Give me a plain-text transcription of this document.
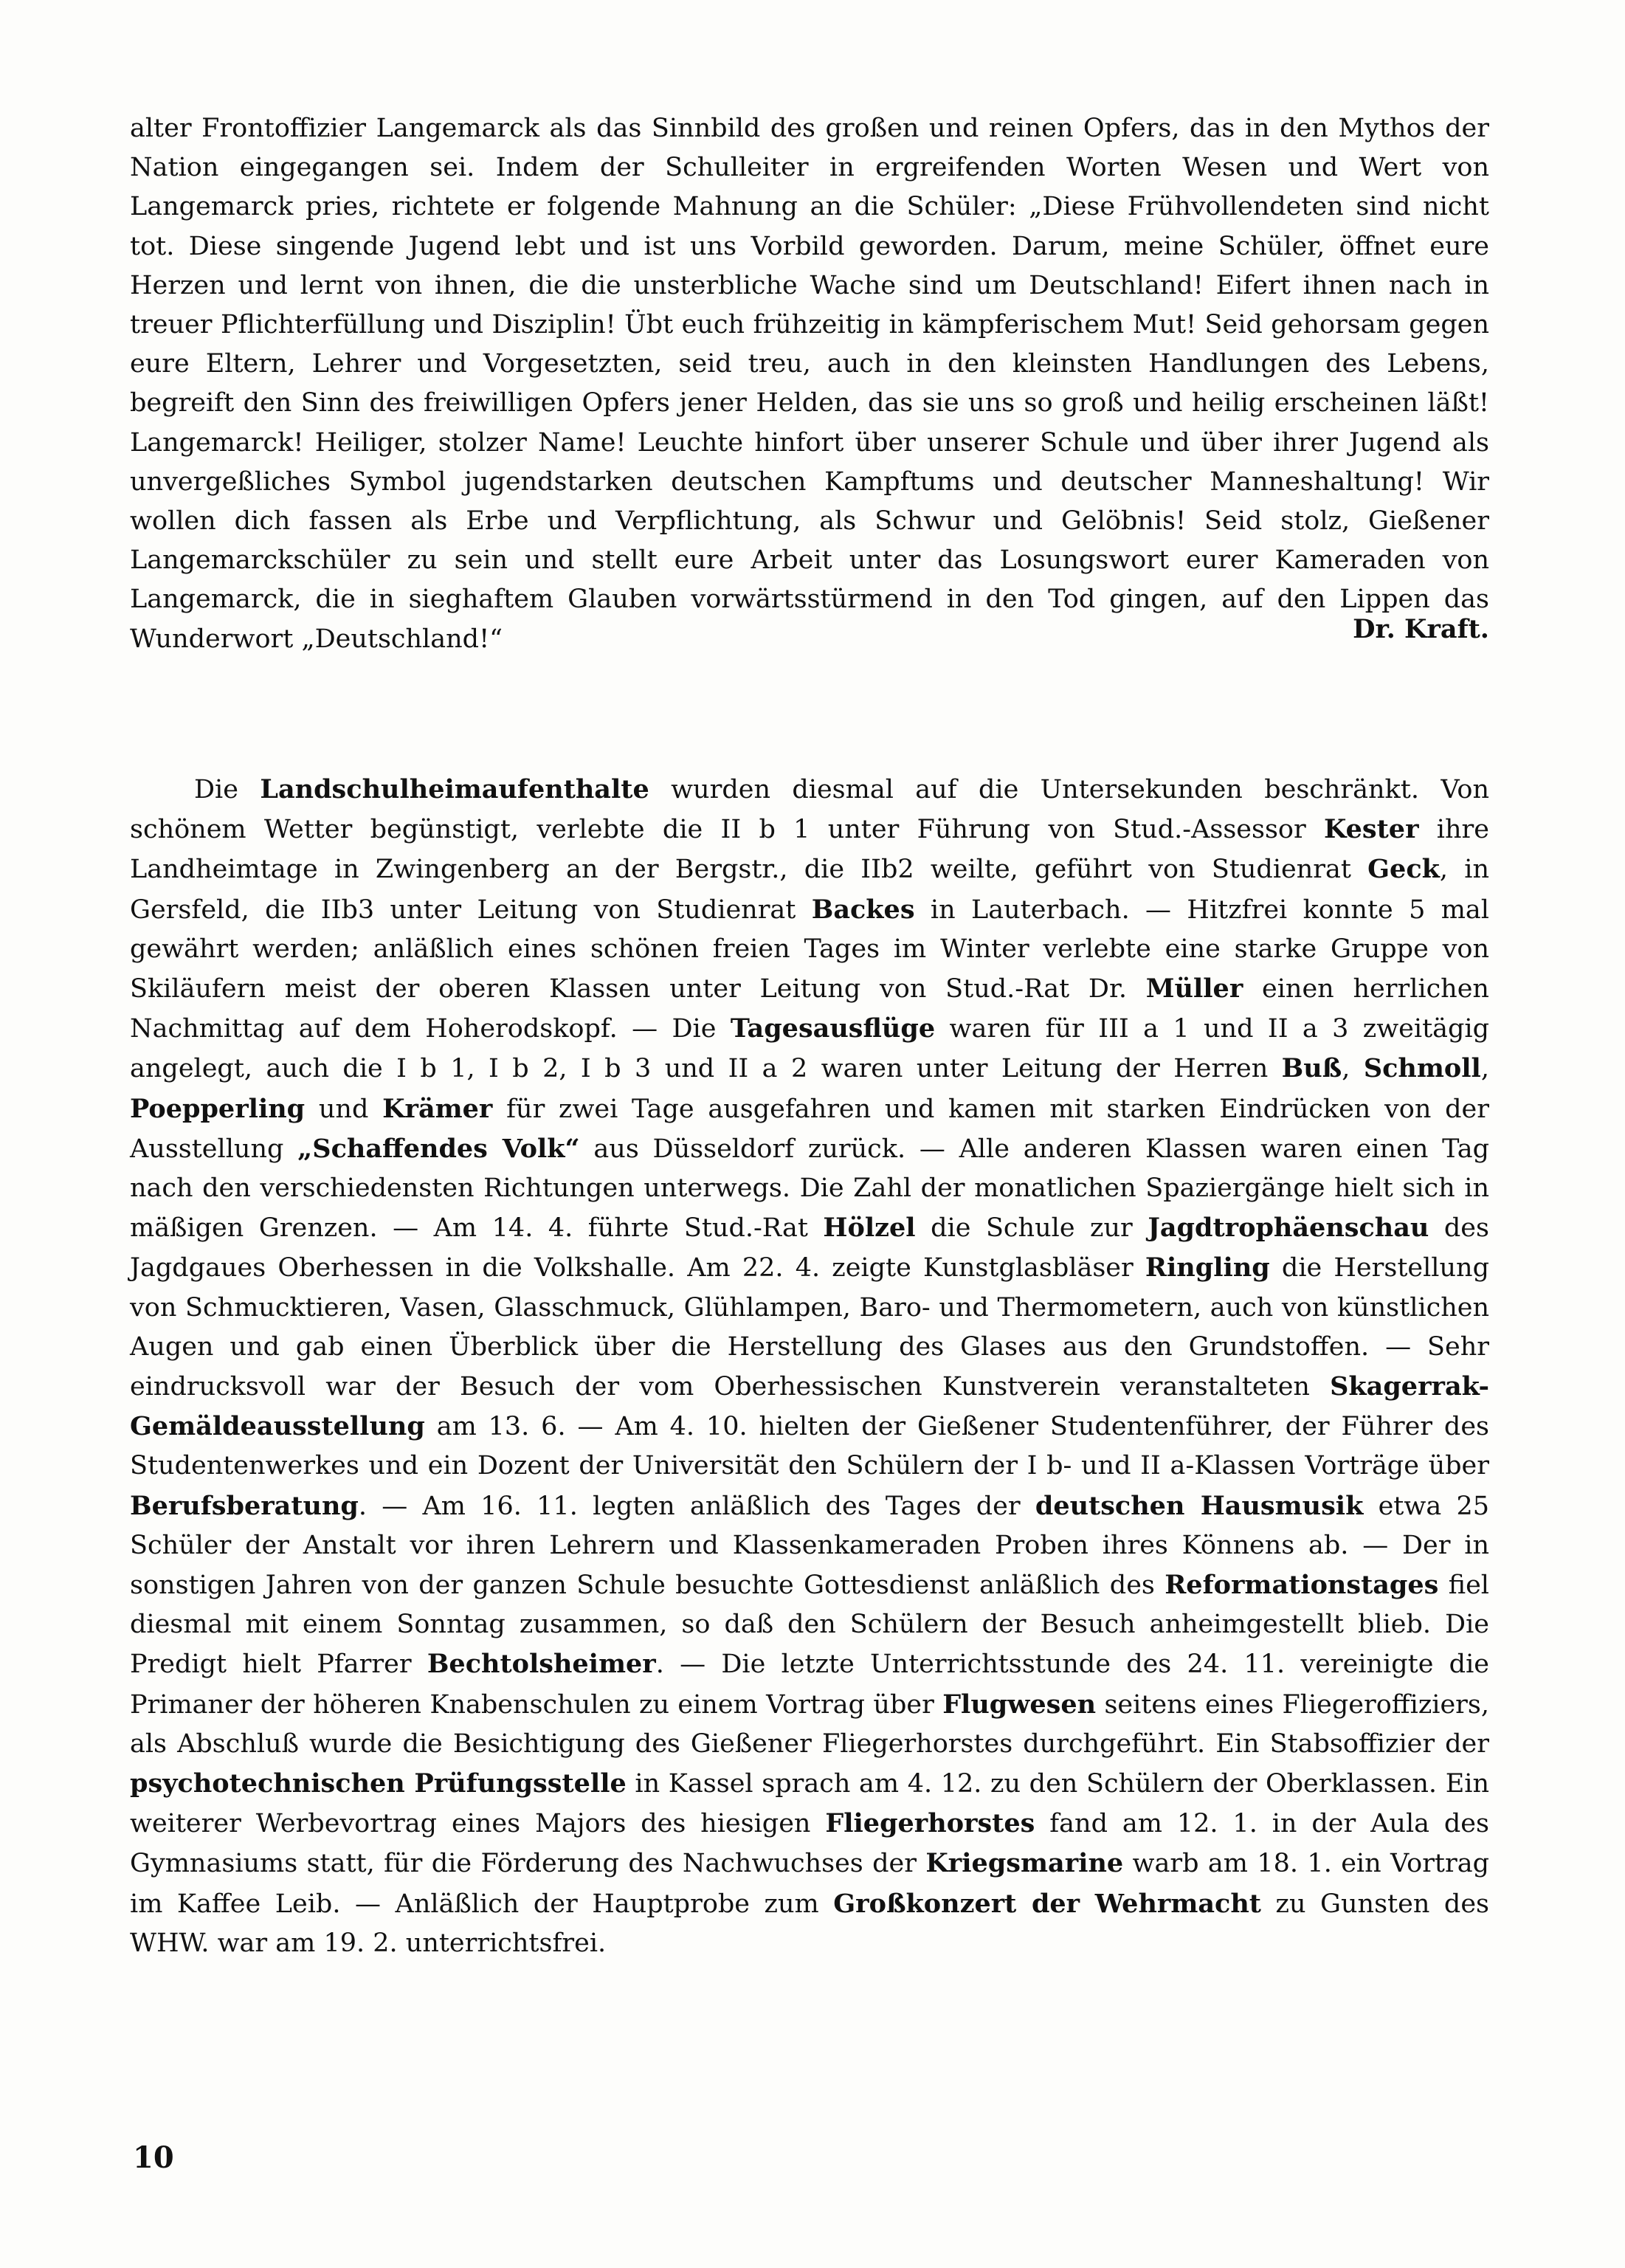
alter Frontoffizier Langemarck als das Sinnbild des großen und reinen Opfers, das in den Mythos der Nation eingegangen sei. Indem der Schulleiter in ergreifenden Worten Wesen und Wert von Langemarck pries, richtete er folgende Mahnung an die Schüler: „Diese Frühvollendeten sind nicht tot. Diese singende Jugend lebt und ist uns Vorbild geworden. Darum, meine Schüler, öffnet eure Herzen und lernt von ihnen, die die unsterbliche Wache sind um Deutschland! Eifert ihnen nach in treuer Pflichterfüllung und Disziplin! Übt euch frühzeitig in kämpferischem Mut! Seid gehorsam gegen eure Eltern, Lehrer und Vorgesetzten, seid treu, auch in den kleinsten Handlungen des Lebens, begreift den Sinn des freiwilligen Opfers jener Helden, das sie uns so groß und heilig erscheinen läßt! Langemarck! Heiliger, stolzer Name! Leuchte hinfort über unserer Schule und über ihrer Jugend als unvergeßliches Symbol jugendstarken deutschen Kampftums und deutscher Manneshaltung! Wir wollen dich fassen als Erbe und Verpflichtung, als Schwur und Gelöbnis! Seid stolz, Gießener Langemarckschüler zu sein und stellt eure Arbeit unter das Losungswort eurer Kameraden von Langemarck, die in sieghaftem Glauben vorwärtsstürmend in den Tod gingen, auf den Lippen das Wunderwort „Deutschland!“	Dr. Kraft.
Die Landschulheimaufenthalte wurden diesmal auf die Untersekunden beschränkt. Von schönem Wetter begünstigt, verlebte die II b 1 unter Führung von Stud.-Assessor Kester ihre Landheimtage in Zwingenberg an der Bergstr., die IIb2 weilte, geführt von Studienrat Geck, in Gersfeld, die IIb3 unter Leitung von Studienrat Backes in Lauterbach. — Hitzfrei konnte 5 mal gewährt werden; anläßlich eines schönen freien Tages im Winter verlebte eine starke Gruppe von Skiläufern meist der oberen Klassen unter Leitung von Stud.-Rat Dr. Müller einen herrlichen Nachmittag auf dem Hoherodskopf. — Die Tagesausflüge waren für III a 1 und II a 3 zweitägig angelegt, auch die I b 1, I b 2, I b 3 und II a 2 waren unter Leitung der Herren Buß, Schmoll, Poepperling und Krämer für zwei Tage ausgefahren und kamen mit starken Eindrücken von der Ausstellung „Schaffendes Volk“ aus Düsseldorf zurück. — Alle anderen Klassen waren einen Tag nach den verschiedensten Richtungen unterwegs. Die Zahl der monatlichen Spaziergänge hielt sich in mäßigen Grenzen. — Am 14. 4. führte Stud.-Rat Hölzel die Schule zur Jagdtrophäenschau des Jagdgaues Oberhessen in die Volkshalle. Am 22. 4. zeigte Kunstglasbläser Ringling die Herstellung von Schmucktieren, Vasen, Glasschmuck, Glühlampen, Baro- und Thermometern, auch von künstlichen Augen und gab einen Überblick über die Herstellung des Glases aus den Grundstoffen. — Sehr eindrucksvoll war der Besuch der vom Oberhessischen Kunstverein veranstalteten Skagerrak-Gemäldeausstellung am 13. 6. — Am 4. 10. hielten der Gießener Studentenführer, der Führer des Studentenwerkes und ein Dozent der Universität den Schülern der I b- und II a-Klassen Vorträge über Berufsberatung. — Am 16. 11. legten anläßlich des Tages der deutschen Hausmusik etwa 25 Schüler der Anstalt vor ihren Lehrern und Klassenkameraden Proben ihres Könnens ab. — Der in sonstigen Jahren von der ganzen Schule besuchte Gottesdienst anläßlich des Reformationstages fiel diesmal mit einem Sonntag zusammen, so daß den Schülern der Besuch anheimgestellt blieb. Die Predigt hielt Pfarrer Bechtolsheimer. — Die letzte Unterrichtsstunde des 24. 11. vereinigte die Primaner der höheren Knabenschulen zu einem Vortrag über Flugwesen seitens eines Fliegeroffiziers, als Abschluß wurde die Besichtigung des Gießener Fliegerhorstes durchgeführt. Ein Stabsoffizier der psychotechnischen Prüfungsstelle in Kassel sprach am 4. 12. zu den Schülern der Oberklassen. Ein weiterer Werbevortrag eines Majors des hiesigen Fliegerhorstes fand am 12. 1. in der Aula des Gymnasiums statt, für die Förderung des Nachwuchses der Kriegsmarine warb am 18. 1. ein Vortrag im Kaffee Leib. — Anläßlich der Hauptprobe zum Großkonzert der Wehrmacht zu Gunsten des WHW. war am 19. 2. unterrichtsfrei.
10
